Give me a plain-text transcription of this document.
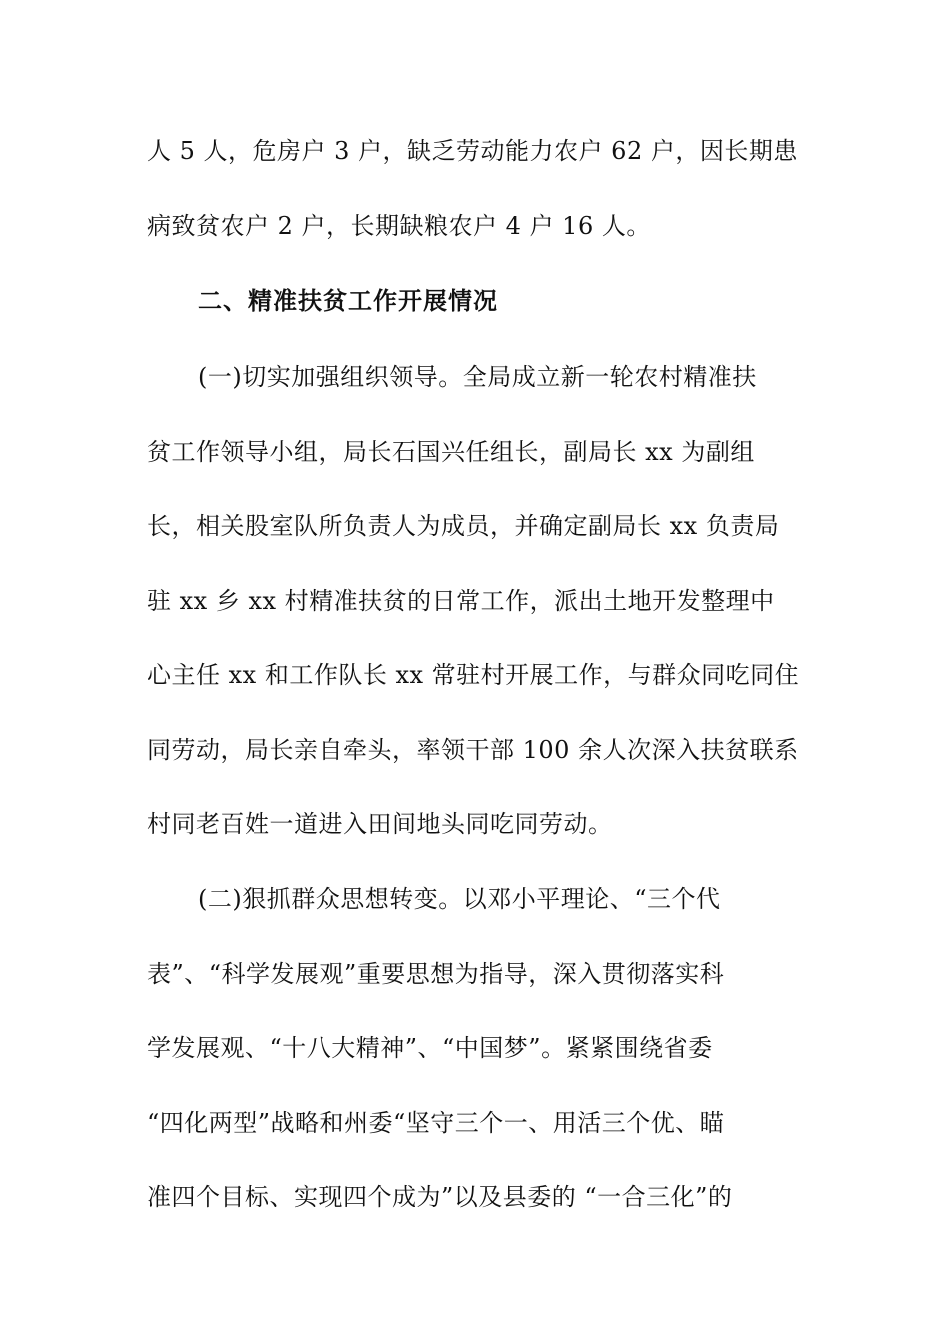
人 5 人，危房户 3 户，缺乏劳动能力农户 62 户，因长期患
病致贫农户 2 户，长期缺粮农户 4 户 16 人。
二、精准扶贫工作开展情况
(一)切实加强组织领导。全局成立新一轮农村精准扶
贫工作领导小组，局长石国兴任组长，副局长 xx 为副组
长，相关股室队所负责人为成员，并确定副局长 xx 负责局
驻 xx 乡 xx 村精准扶贫的日常工作，派出土地开发整理中
心主任 xx 和工作队长 xx 常驻村开展工作，与群众同吃同住
同劳动，局长亲自牵头，率领干部 100 余人次深入扶贫联系
村同老百姓一道进入田间地头同吃同劳动。
(二)狠抓群众思想转变。以邓小平理论、“三个代
表”、“科学发展观”重要思想为指导，深入贯彻落实科
学发展观、“十八大精神”、“中国梦”。紧紧围绕省委
“四化两型”战略和州委“坚守三个一、用活三个优、瞄
准四个目标、实现四个成为”以及县委的 “一合三化”的
